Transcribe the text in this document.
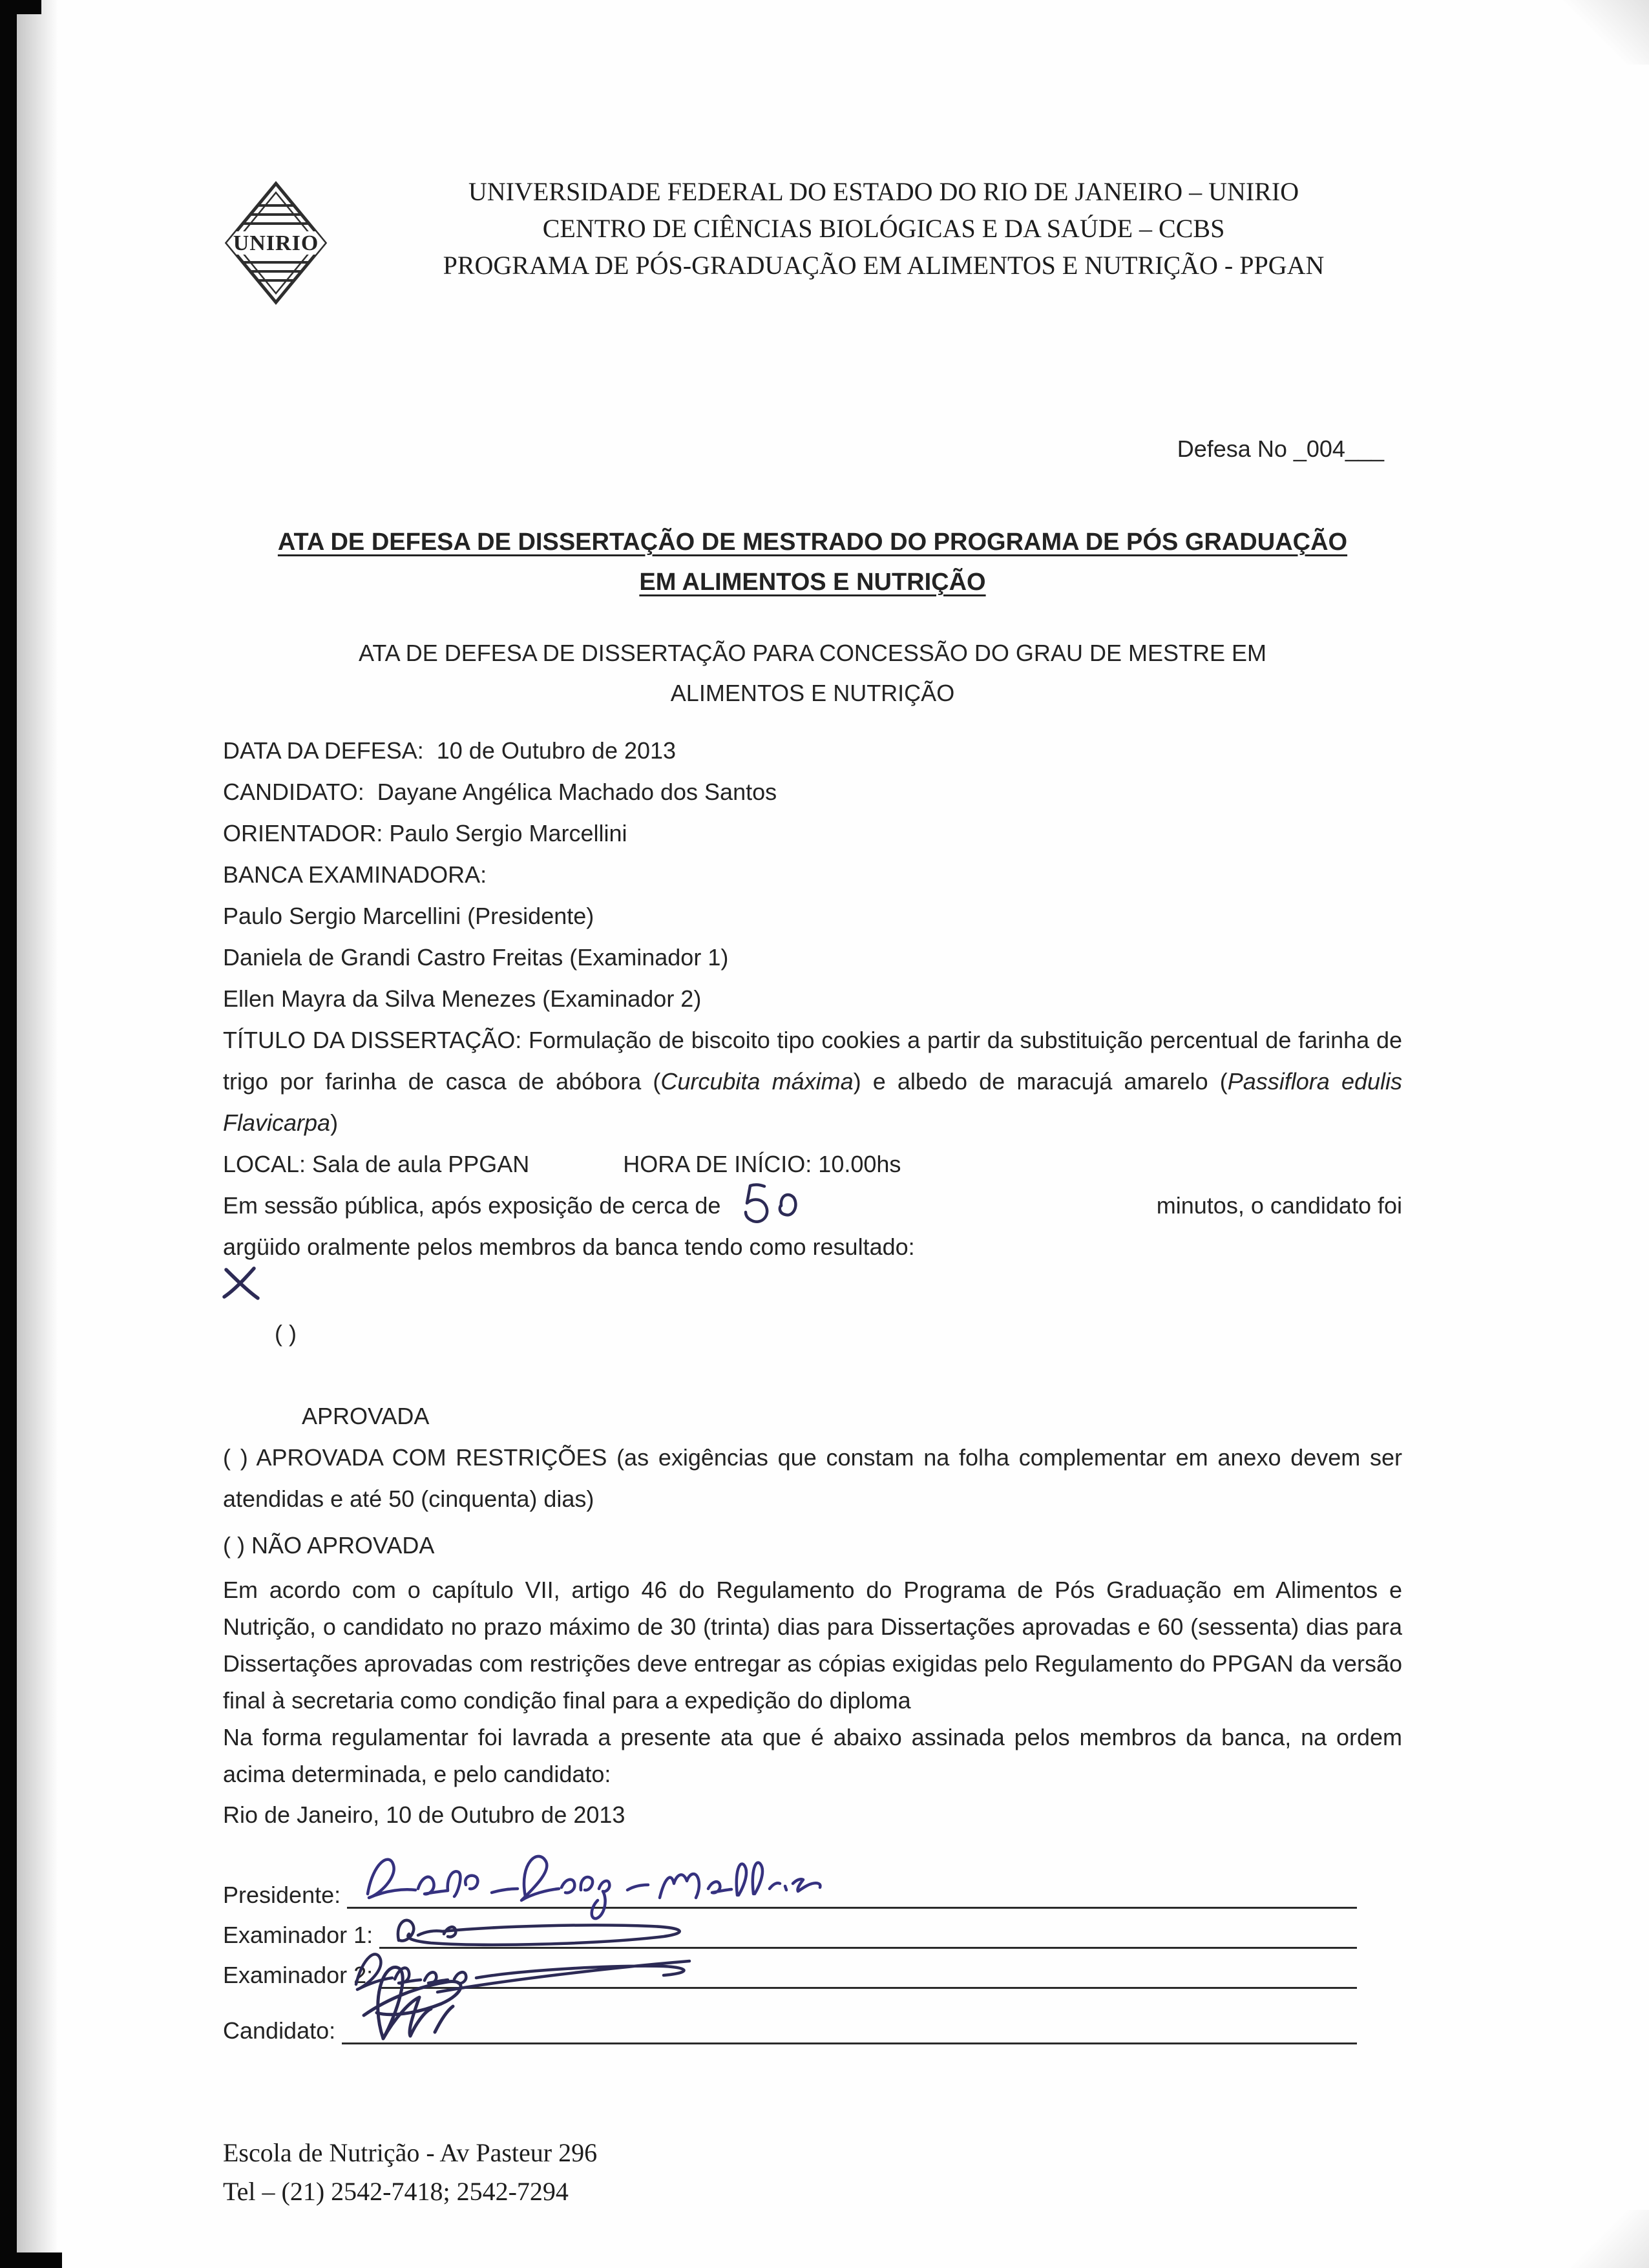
UNIRIO
UNIVERSIDADE FEDERAL DO ESTADO DO RIO DE JANEIRO – UNIRIO
CENTRO DE CIÊNCIAS BIOLÓGICAS E DA SAÚDE – CCBS
PROGRAMA DE PÓS-GRADUAÇÃO EM ALIMENTOS E NUTRIÇÃO - PPGAN
Defesa No _004___
ATA DE DEFESA DE DISSERTAÇÃO DE MESTRADO DO PROGRAMA DE PÓS GRADUAÇÃO
EM ALIMENTOS E NUTRIÇÃO
ATA DE DEFESA DE DISSERTAÇÃO PARA CONCESSÃO DO GRAU DE MESTRE EM
ALIMENTOS E NUTRIÇÃO

DATA DA DEFESA:  10 de Outubro de 2013

CANDIDATO:  Dayane Angélica Machado dos Santos

ORIENTADOR: Paulo Sergio Marcellini

BANCA EXAMINADORA:

Paulo Sergio Marcellini (Presidente)

Daniela de Grandi Castro Freitas (Examinador 1)

Ellen Mayra da Silva Menezes (Examinador 2)

TÍTULO DA DISSERTAÇÃO: Formulação de biscoito tipo cookies a partir da substituição percentual de farinha de trigo por farinha de casca de abóbora (Curcubita máxima) e albedo de maracujá amarelo (Passiflora edulis Flavicarpa)

LOCAL: Sala de aula PPGAN	HORA DE INÍCIO: 10.00hs
Em sessão pública, após exposição de cerca de	minutos, o candidato foi

argüido oralmente pelos membros da banca tendo como resultado:

( )

APROVADA

( ) APROVADA COM RESTRIÇÕES (as exigências que constam na folha complementar em anexo devem ser atendidas e até 50 (cinquenta) dias)

( ) NÃO APROVADA

Em acordo com o capítulo VII, artigo 46 do Regulamento do Programa de Pós Graduação em Alimentos e Nutrição, o candidato no prazo máximo de 30 (trinta) dias para Dissertações aprovadas e 60 (sessenta) dias para Dissertações aprovadas com restrições deve entregar as cópias exigidas pelo Regulamento do PPGAN da versão final à secretaria como condição final para a expedição do diploma

Na forma regulamentar foi lavrada a presente ata que é abaixo assinada pelos membros da banca, na ordem acima determinada, e pelo candidato:

Rio de Janeiro, 10 de Outubro de 2013

Presidente:
Examinador 1:
Examinador 2:
Candidato:

Escola de Nutrição - Av Pasteur 296

Tel – (21) 2542-7418; 2542-7294
